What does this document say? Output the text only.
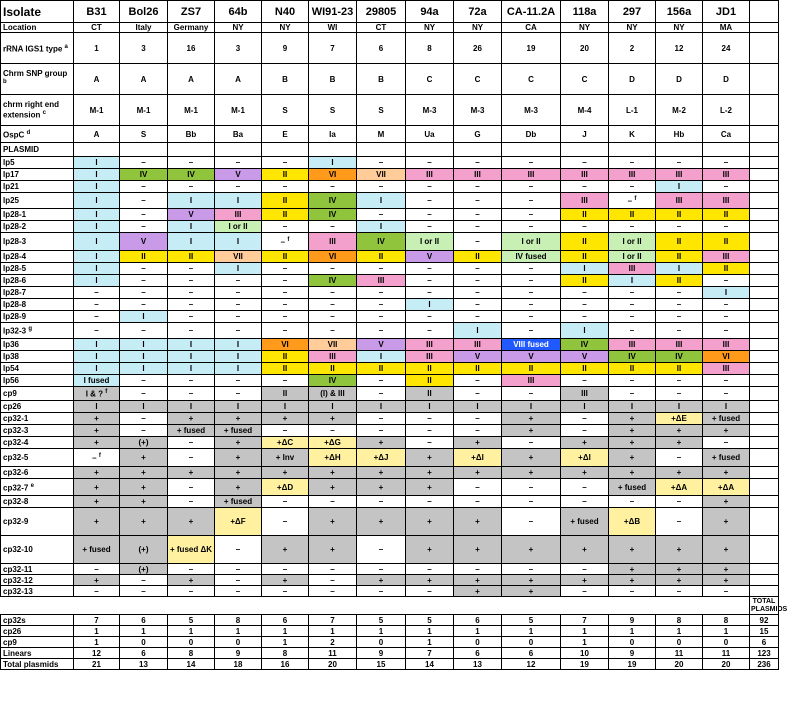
Isolate	B31	Bol26	ZS7	64b	N40	WI91-23	29805	94a	72a	CA-11.2A	118a	297	156a	JD1	
Location	CT	Italy	Germany	NY	NY	WI	CT	NY	NY	CA	NY	NY	NY	MA	
rRNA IGS1 type $^a$	1	3	16	3	9	7	6	8	26	19	20	2	12	24	
Chrm SNP group $^b$	A	A	A	A	B	B	B	C	C	C	C	D	D	D	
chrm right end extension $^c$	M-1	M-1	M-1	M-1	S	S	S	M-3	M-3	M-3	M-4	L-1	M-2	L-2	
OspC $^d$	A	S	Bb	Ba	E	Ia	M	Ua	G	Db	J	K	Hb	Ca	
PLASMID															
lp5	I	–	–	–	–	I	–	–	–	–	–	–	–	–	
lp17	I	IV	IV	V	II	VI	VII	III	III	III	III	III	III	III	
lp21	I	–	–	–	–	–	–	–	–	–	–	–	I	–	
lp25	I	–	I	I	II	IV	I	–	–	–	III	– $^f$	III	III	
lp28-1	I	–	V	III	II	IV	–	–	–	–	II	II	II	II	
lp28-2	I	–	I	I or II	–	–	I	–	–	–	–	–	–	–	
lp28-3	I	V	I	I	– $^f$	III	IV	I or II	–	I or II	II	I or II	II	II	
lp28-4	I	II	II	VII	II	VI	II	V	II	IV fused	II	I or II	II	III	
lp28-5	I	–	–	I	–	–	–	–	–	–	I	III	I	II	
lp28-6	I	–	–	–	–	IV	III	–	–	–	II	I	II	–	
lp28-7	–	–	–	–	–	–	–	–	–	–	–	–	–	I	
lp28-8	–	–	–	–	–	–	–	I	–	–	–	–	–	–	
lp28-9	–	I	–	–	–	–	–	–	–	–	–	–	–	–	
lp32-3 $^g$	–	–	–	–	–	–	–	–	I	–	I	–	–	–	
lp36	I	I	I	I	VI	VII	V	III	III	VIII fused	IV	III	III	III	
lp38	I	I	I	I	II	III	I	III	V	V	V	IV	IV	VI	
lp54	I	I	I	I	II	II	II	II	II	II	II	II	II	III	
lp56	I fused	–	–	–	–	IV	–	II	–	III	–	–	–	–	
cp9	I & ? $^f$	–	–	–	II	(I) & III	–	II	–	–	III	–	–	–	
cp26	I	I	I	I	I	I	I	I	I	I	I	I	I	I	
cp32-1	+	–	+	+	+	+	–	–	–	+	–	+	+ΔE	+ fused	
cp32-3	+	–	+ fused	+ fused	–	–	–	–	–	+	–	+	+	+	
cp32-4	+	(+)	–	+	+ΔC	+ΔG	+	–	+	–	+	+	+	–	
cp32-5	– $^f$	+	–	+	+ Inv	+ΔH	+ΔJ	+	+ΔI	+	+ΔI	+	–	+ fused	
cp32-6	+	+	+	+	+	+	+	+	+	+	+	+	+	+	
cp32-7 $^e$	+	+	–	+	+ΔD	+	+	+	–	–	–	+ fused	+ΔA	+ΔA	
cp32-8	+	+	–	+ fused	–	–	–	–	–	–	–	–	–	+	
cp32-9	+	+	+	+ΔF	–	+	+	+	+	–	+ fused	+ΔB	–	+	
cp32-10	+ fused	(+)	+ fused ΔK	–	+	+	–	+	+	+	+	+	+	+	
cp32-11	–	(+)	–	–	–	–	–	–	–	–	–	+	+	+	
cp32-12	+	–	+	–	+	–	+	+	+	+	+	+	+	+	
cp32-13	–	–	–	–	–	–	–	–	+	+	–	–	–	–	
															TOTAL PLASMIDS
cp32s	7	6	5	8	6	7	5	5	6	5	7	9	8	8	92
cp26	1	1	1	1	1	1	1	1	1	1	1	1	1	1	15
cp9	1	0	0	0	1	2	0	1	0	0	1	0	0	0	6
Linears	12	6	8	9	8	11	9	7	6	6	10	9	11	11	123
Total plasmids	21	13	14	18	16	20	15	14	13	12	19	19	20	20	236
